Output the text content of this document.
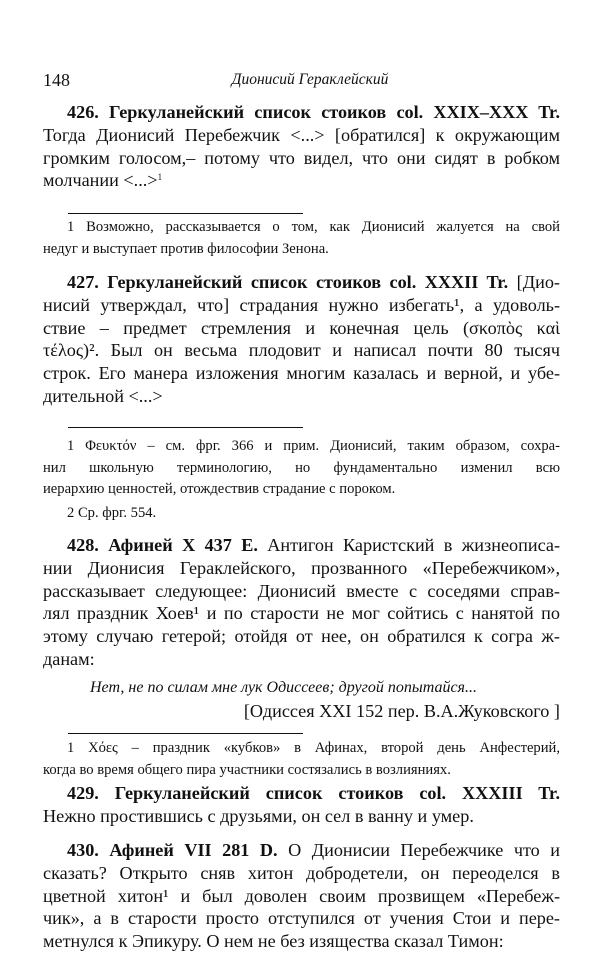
148	Дионисий Гераклейский
426. Геркуланейский список стоиков col. XXIX–XXX Tr.
Тогда Дионисий Перебежчик <...> [обратился] к окружающим
громким голосом,– потому что видел, что они сидят в робком
молчании <...>$^1$
1 Возможно, рассказывается о том, как Дионисий жалуется на свой
недуг и выступает против философии Зенона.
427. Геркуланейский список стоиков col. XXXII Tr. [Дио-
нисий утверждал, что] страдания нужно избегать¹, а удоволь-
ствие – предмет стремления и конечная цель (σκοπὸς καὶ
τέλος)². Был он весьма плодовит и написал почти 80 тысяч
строк. Его манера изложения многим казалась и верной, и убе-
дительной <...>
1 Φευκτόν – см. фрг. 366 и прим. Дионисий, таким образом, сохра-
нил школьную терминологию, но фундаментально изменил всю
иерархию ценностей, отождествив страдание с пороком.
2 Ср. фрг. 554.
428. Афиней X 437 E. Антигон Каристский в жизнеописа-
нии Дионисия Гераклейского, прозванного «Перебежчиком»,
рассказывает следующее: Дионисий вместе с соседями справ-
лял праздник Хоев¹ и по старости не мог сойтись с нанятой по
этому случаю гетерой; отойдя от нее, он обратился к согра ж-
данам:
Нет, не по силам мне лук Одиссеев; другой попытайся...
[Одиссея XXI 152 пер. В.А.Жуковского ]
1 Χόες – праздник «кубков» в Афинах, второй день Анфестерий,
когда во время общего пира участники состязались в возлияниях.
429. Геркуланейский список стоиков col. XXXIII Tr.
Нежно простившись с друзьями, он сел в ванну и умер.
430. Афиней VII 281 D. О Дионисии Перебежчике что и
сказать? Открыто сняв хитон добродетели, он переоделся в
цветной хитон¹ и был доволен своим прозвищем «Перебеж-
чик», а в старости просто отступился от учения Стои и пере-
метнулся к Эпикуру. О нем не без изящества сказал Тимон:
